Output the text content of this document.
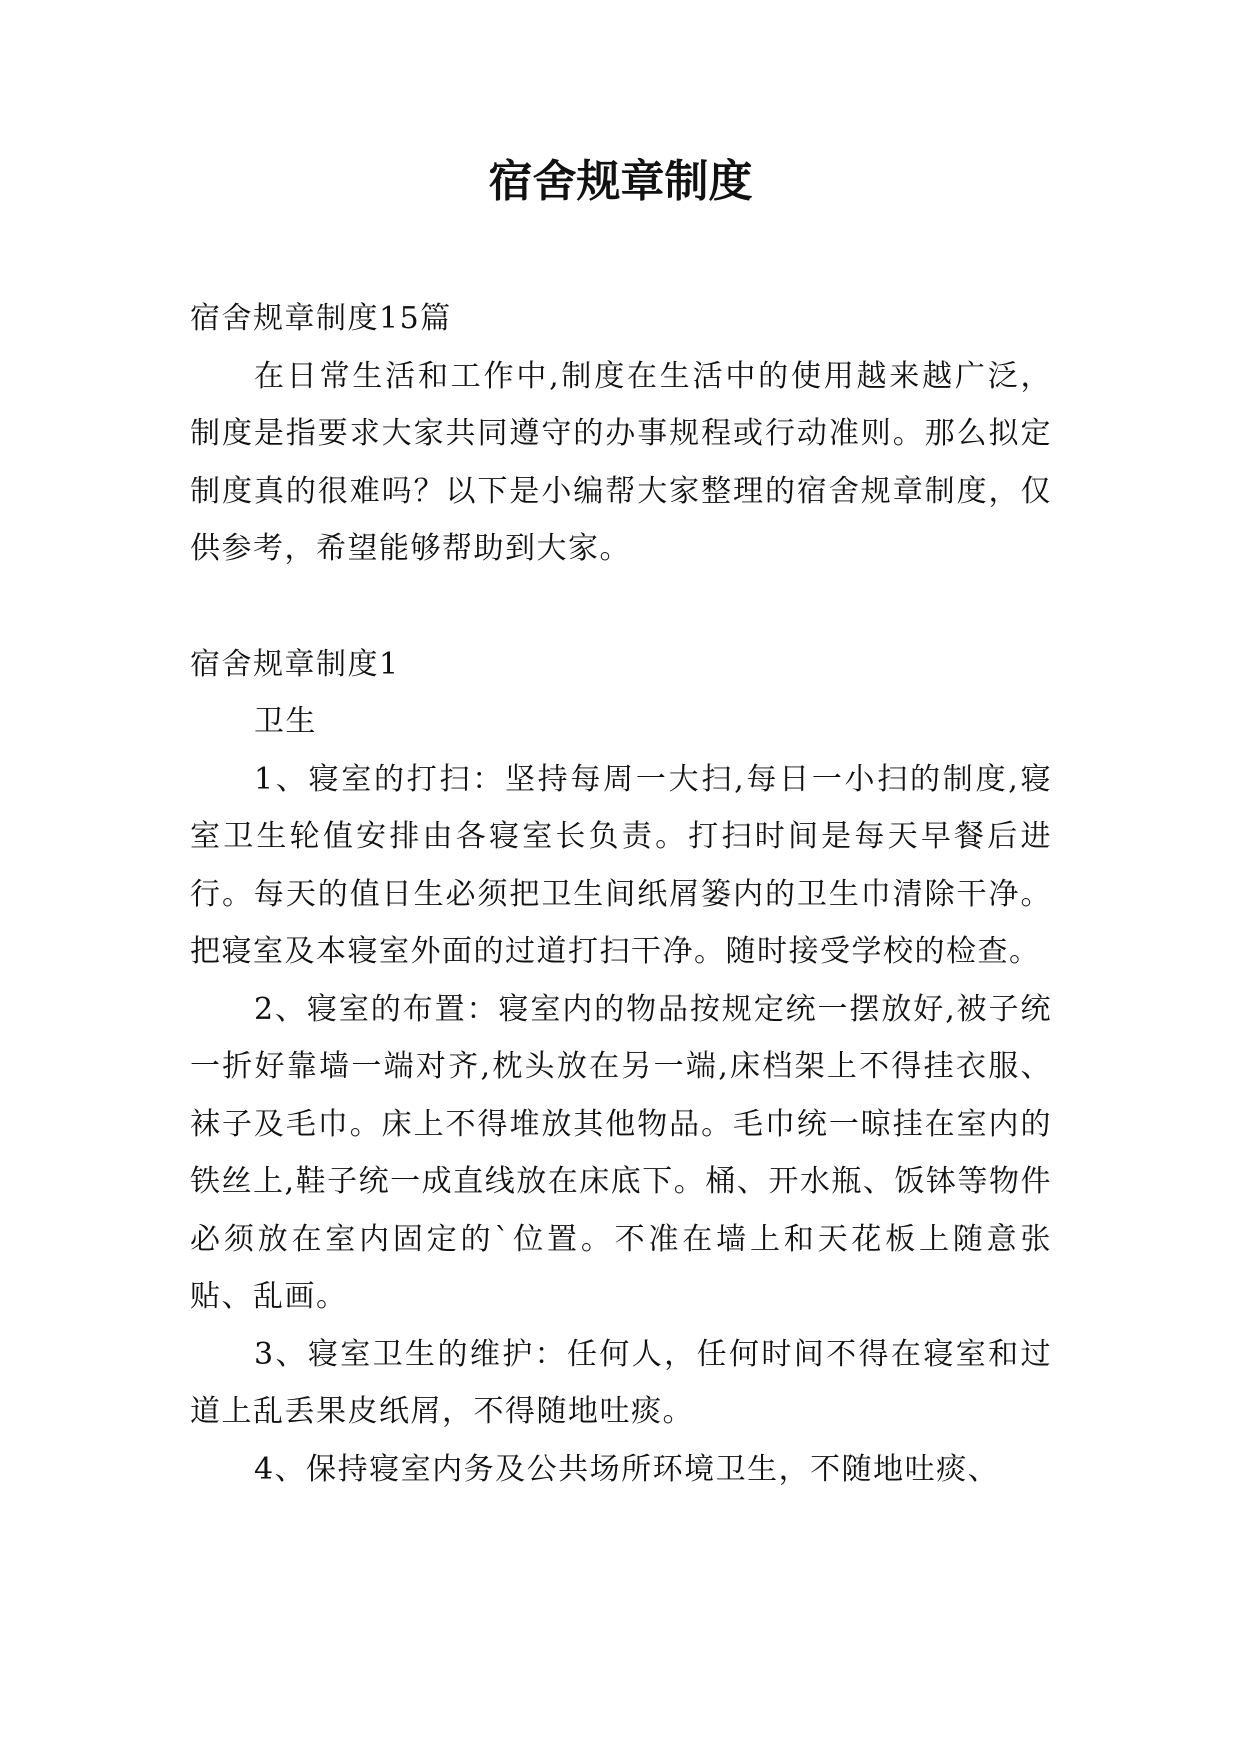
宿舍规章制度

宿舍规章制度15篇

在日常生活和工作中,制度在生活中的使用越来越广泛，制度是指要求大家共同遵守的办事规程或行动准则。那么拟定制度真的很难吗？以下是小编帮大家整理的宿舍规章制度，仅供参考，希望能够帮助到大家。

宿舍规章制度1

卫生

1、寝室的打扫：坚持每周一大扫,每日一小扫的制度,寝室卫生轮值安排由各寝室长负责。打扫时间是每天早餐后进行。每天的值日生必须把卫生间纸屑篓内的卫生巾清除干净。把寝室及本寝室外面的过道打扫干净。随时接受学校的检查。

2、寝室的布置：寝室内的物品按规定统一摆放好,被子统一折好靠墙一端对齐,枕头放在另一端,床档架上不得挂衣服、袜子及毛巾。床上不得堆放其他物品。毛巾统一晾挂在室内的铁丝上,鞋子统一成直线放在床底下。桶、开水瓶、饭钵等物件必须放在室内固定的`位置。不准在墙上和天花板上随意张贴、乱画。

3、寝室卫生的维护：任何人，任何时间不得在寝室和过道上乱丢果皮纸屑，不得随地吐痰。

4、保持寝室内务及公共场所环境卫生，不随地吐痰、
